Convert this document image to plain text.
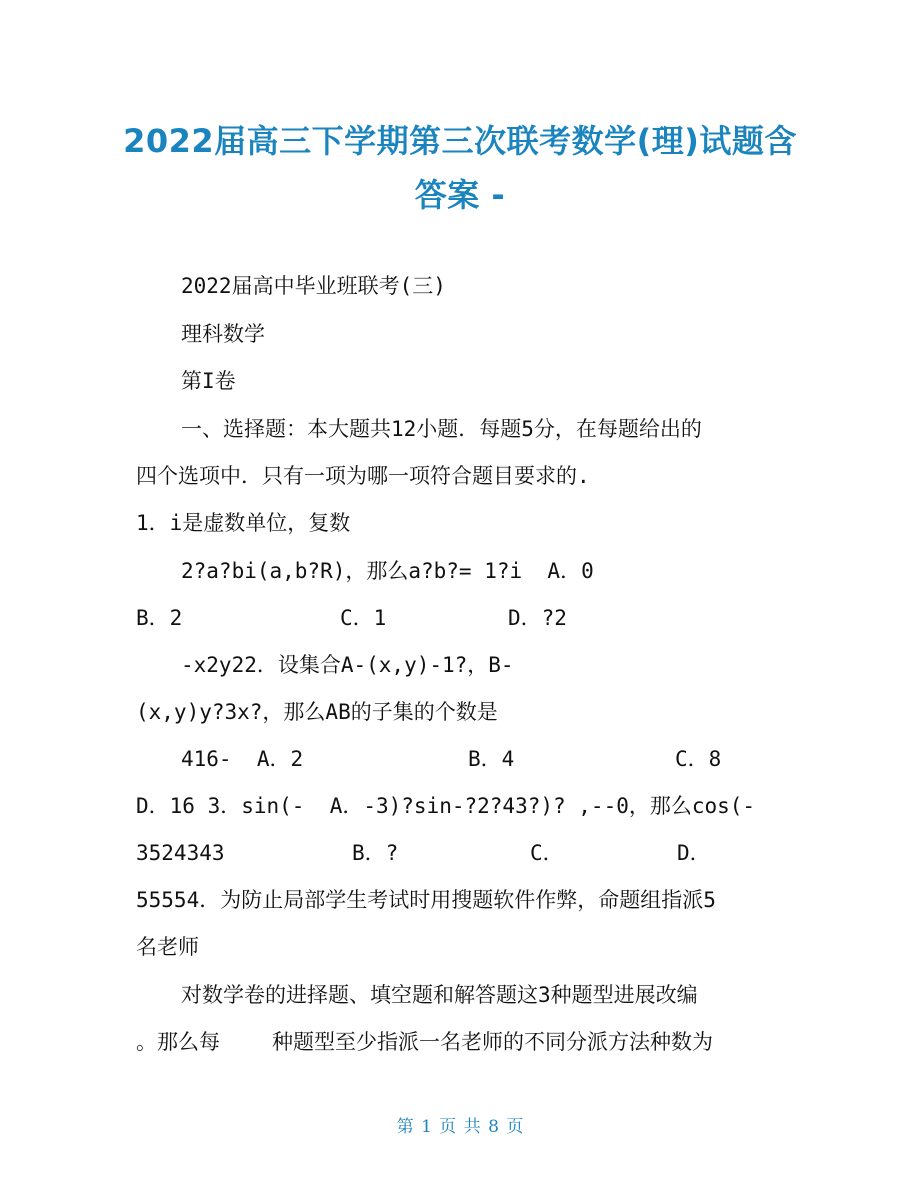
2022届高三下学期第三次联考数学(理)试题含
答案 -
2022届高中毕业班联考(三)
理科数学
第I卷
一、选择题：本大题共12小题．每题5分，在每题给出的
四个选项中．只有一项为哪一项符合题目要求的.
1．i是虚数单位，复数
2?a?bi(a,b?R)，那么a?b?= 1?i  A．0
B．2	C．1	D．?2
-x2y22．设集合A-(x,y)-1?，B-
(x,y)y?3x?，那么AB的子集的个数是
416-  A．2	B．4	C．8
D．16 3．sin(-  A．-3)?sin-?2?43?)? ,--0，那么cos(-
3524343	B．?	C．	D．
55554．为防止局部学生考试时用搜题软件作弊，命题组指派5
名老师
对数学卷的进择题、填空题和解答题这3种题型进展改编
。那么每 种题型至少指派一名老师的不同分派方法种数为
第 1 页 共 8 页
